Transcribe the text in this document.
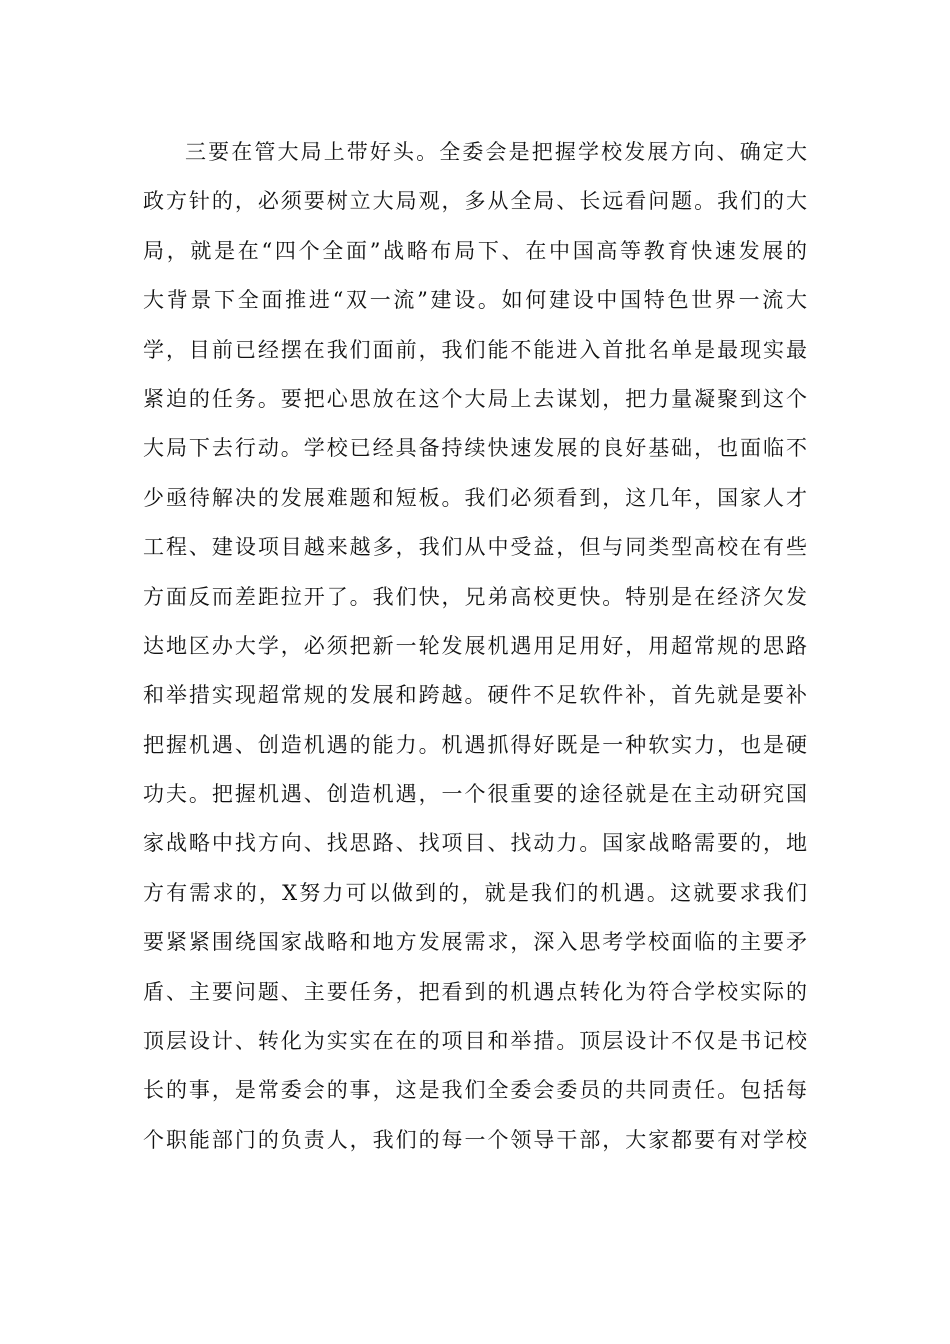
三要在管大局上带好头。全委会是把握学校发展方向、确定大
政方针的，必须要树立大局观，多从全局、长远看问题。我们的大
局，就是在“四个全面”战略布局下、在中国高等教育快速发展的
大背景下全面推进“双一流”建设。如何建设中国特色世界一流大
学，目前已经摆在我们面前，我们能不能进入首批名单是最现实最
紧迫的任务。要把心思放在这个大局上去谋划，把力量凝聚到这个
大局下去行动。学校已经具备持续快速发展的良好基础，也面临不
少亟待解决的发展难题和短板。我们必须看到，这几年，国家人才
工程、建设项目越来越多，我们从中受益，但与同类型高校在有些
方面反而差距拉开了。我们快，兄弟高校更快。特别是在经济欠发
达地区办大学，必须把新一轮发展机遇用足用好，用超常规的思路
和举措实现超常规的发展和跨越。硬件不足软件补，首先就是要补
把握机遇、创造机遇的能力。机遇抓得好既是一种软实力，也是硬
功夫。把握机遇、创造机遇，一个很重要的途径就是在主动研究国
家战略中找方向、找思路、找项目、找动力。国家战略需要的，地
方有需求的，X努力可以做到的，就是我们的机遇。这就要求我们
要紧紧围绕国家战略和地方发展需求，深入思考学校面临的主要矛
盾、主要问题、主要任务，把看到的机遇点转化为符合学校实际的
顶层设计、转化为实实在在的项目和举措。顶层设计不仅是书记校
长的事，是常委会的事，这是我们全委会委员的共同责任。包括每
个职能部门的负责人，我们的每一个领导干部，大家都要有对学校
